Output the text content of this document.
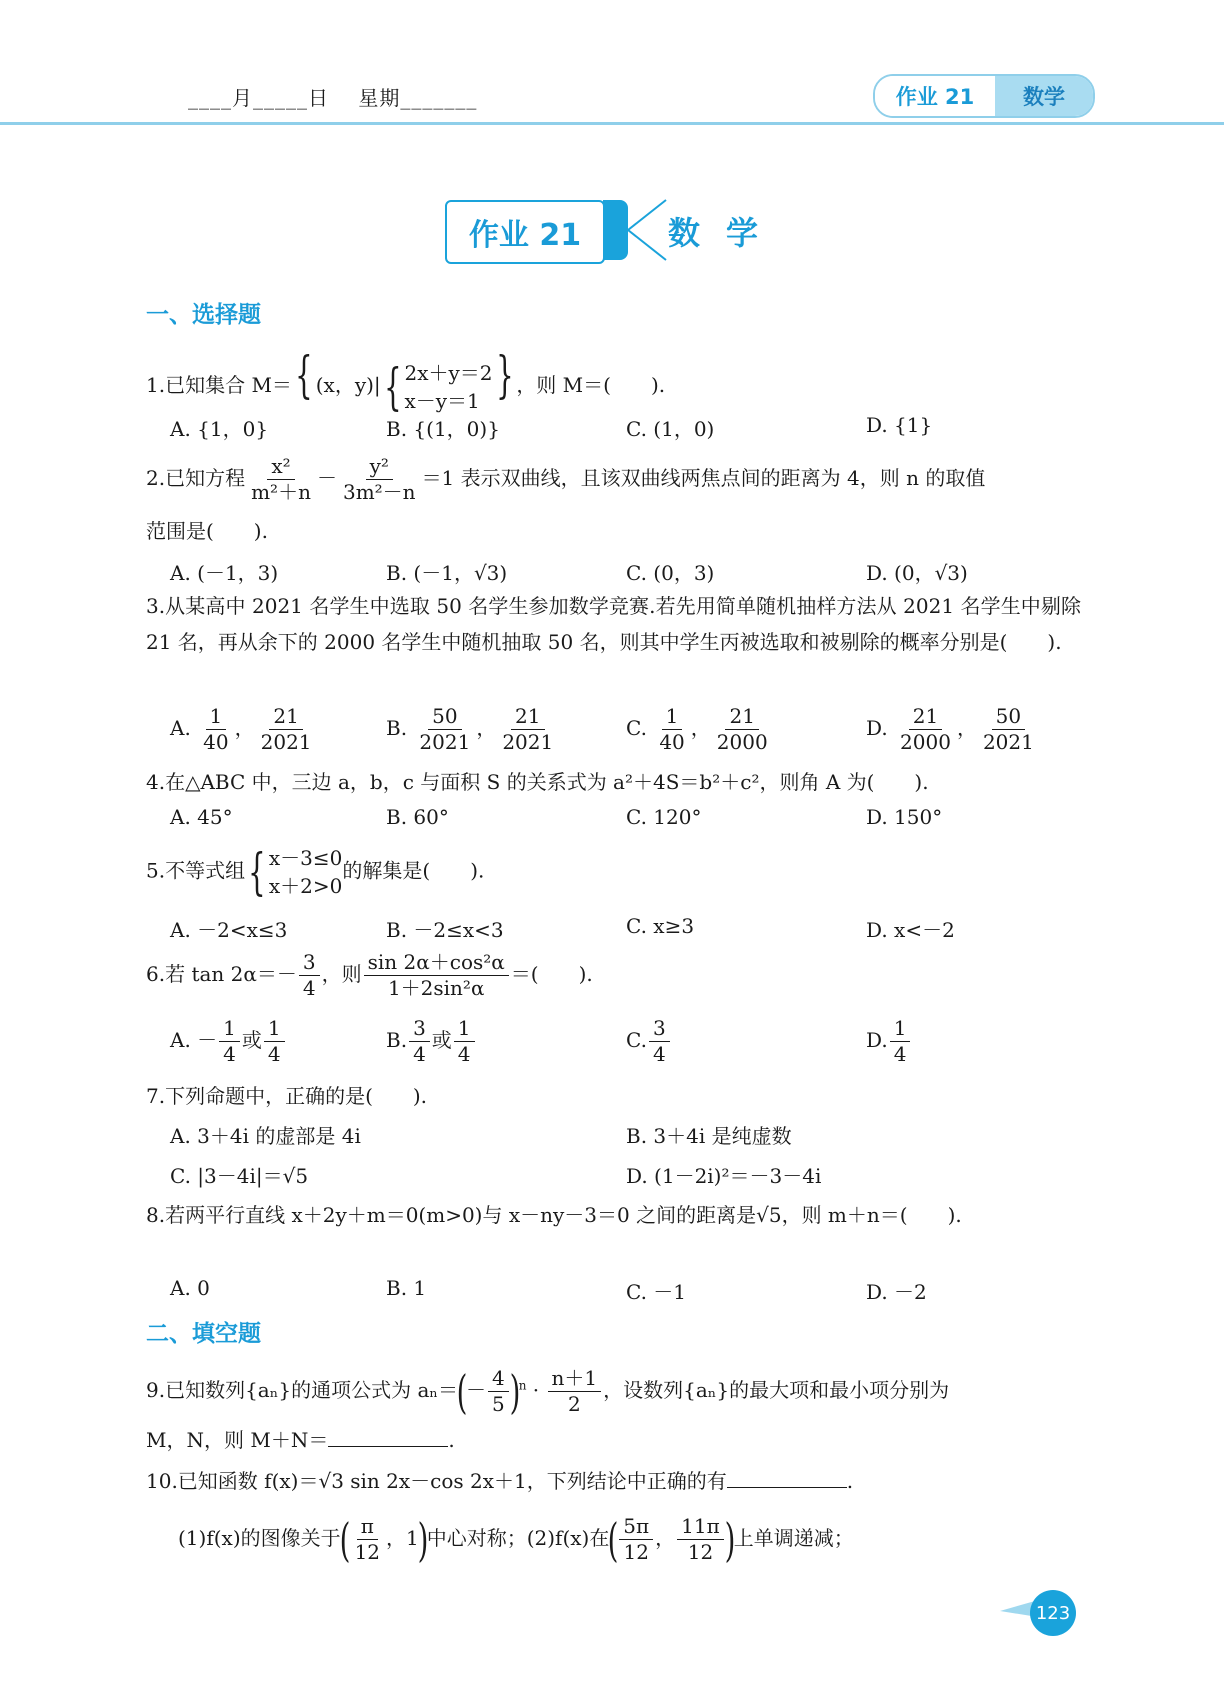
____月_____日    星期_______	作业 21	数学
作业 21	数学
一、选择题
1.已知集合 M＝{ (x，y)| { 2x＋y＝2
x－y＝1 } ，则 M＝(　　).
A. {1，0}	B. {(1，0)}	C. (1，0)	D. {1}
2.已知方程 $\frac{\text{x²}}{\text{m²＋n}} - \frac{\text{y²}}{\text{3m²－n}} =1$ 表示双曲线，且该双曲线两焦点间的距离为 4，则 n 的取值
范围是(　　).
A. (－1，3)	B. (－1，√3)	C. (0，3)	D. (0，√3)
3.从某高中 2021 名学生中选取 50 名学生参加数学竞赛.若先用简单随机抽样方法从 2021 名学生中剔除 21 名，再从余下的 2000 名学生中随机抽取 50 名，则其中学生丙被选取和被剔除的概率分别是(　　).
A. $\frac{1}{40}$ ， $\frac{21}{2021}$	B. $\frac{50}{2021}$ ， $\frac{21}{2021}$	C. $\frac{1}{40}$ ， $\frac{21}{2000}$	D. $\frac{21}{2000}$ ， $\frac{50}{2021}$
4.在△ABC 中，三边 a，b，c 与面积 S 的关系式为 a²＋4S＝b²＋c²，则角 A 为(　　).
A. 45°	B. 60°	C. 120°	D. 150°
5.不等式组 { x－3≤0
x＋2>0
的解集是(　　).
A. －2<x≤3	B. －2≤x<3	C. x≥3	D. x<－2
6.若 $\tan 2\alpha=- \frac{3}{4}$ ，则 $\frac{\text{sin 2α＋cos²α}}{\text{1＋2sin²α}}$ ＝(　　).
A. － $\frac{1}{4}$ 或 $\frac{1}{4}$	B. $\frac{3}{4}$ 或 $\frac{1}{4}$	C. $\frac{3}{4}$	D. $\frac{1}{4}$
7.下列命题中，正确的是(　　).
A. 3＋4i 的虚部是 4i	B. 3＋4i 是纯虚数
C. |3－4i|＝√5	D. (1－2i)²＝－3－4i
8.若两平行直线 x＋2y＋m＝0(m>0)与 x－ny－3＝0 之间的距离是√5，则 m＋n＝(　　).
A. 0	B. 1	C. －1	D. －2
二、填空题
9.已知数列{aₙ}的通项公式为 $a_n=(- \frac{4}{5} )^n \cdot \frac{n+1}{2}$ ，设数列{aₙ}的最大项和最小项分别为
M，N，则 M＋N＝	.
10.已知函数 f(x)＝√3 sin 2x－cos 2x＋1，下列结论中正确的有	.
(1)f(x)的图像关于( $\frac{\pi}{12}$ ，1)中心对称；(2)f(x)在( $\frac{5\pi}{12}$ ， $\frac{11\pi}{12}$ )上单调递减；
123
